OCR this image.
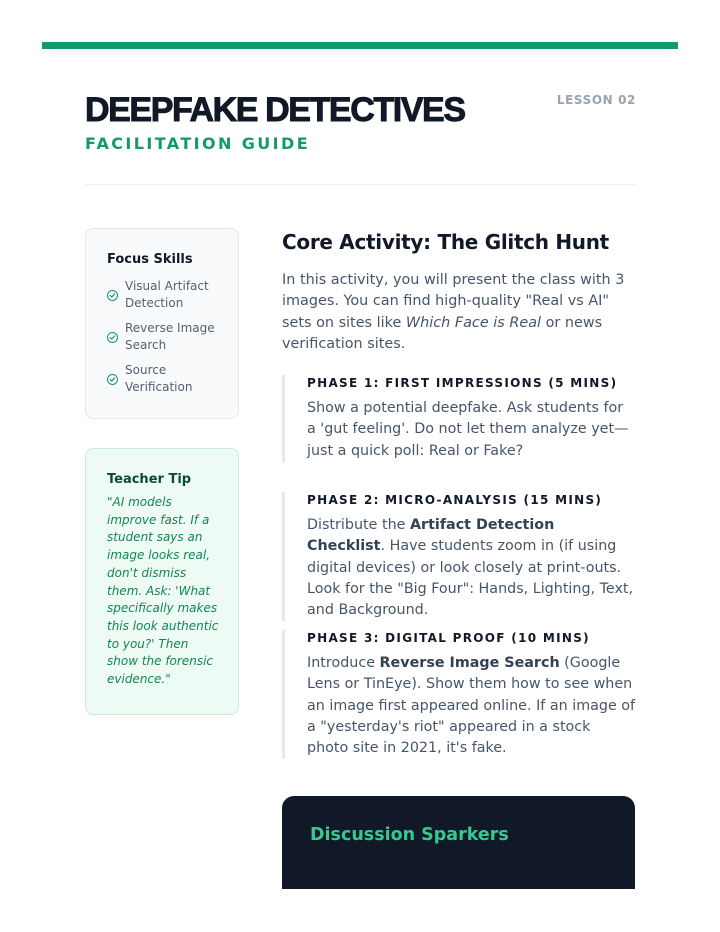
DEEPFAKE DETECTIVES
FACILITATION GUIDE
LESSON 02
Focus Skills
Visual Artifact Detection
Reverse Image Search
Source Verification
Teacher Tip

"AI models improve fast. If a student says an image looks real, don't dismiss them. Ask: 'What specifically makes this look authentic to you?' Then show the forensic evidence."

Core Activity: The Glitch Hunt

In this activity, you will present the class with 3 images. You can find high-quality "Real vs AI" sets on sites like Which Face is Real or news verification sites.

PHASE 1: FIRST IMPRESSIONS (5 MINS)

Show a potential deepfake. Ask students for a 'gut feeling'. Do not let them analyze yet—just a quick poll: Real or Fake?

PHASE 2: MICRO-ANALYSIS (15 MINS)

Distribute the Artifact Detection Checklist. Have students zoom in (if using digital devices) or look closely at print-outs. Look for the "Big Four": Hands, Lighting, Text, and Background.

PHASE 3: DIGITAL PROOF (10 MINS)

Introduce Reverse Image Search (Google Lens or TinEye). Show them how to see when an image first appeared online. If an image of a "yesterday's riot" appeared in a stock photo site in 2021, it's fake.

Discussion Sparkers
